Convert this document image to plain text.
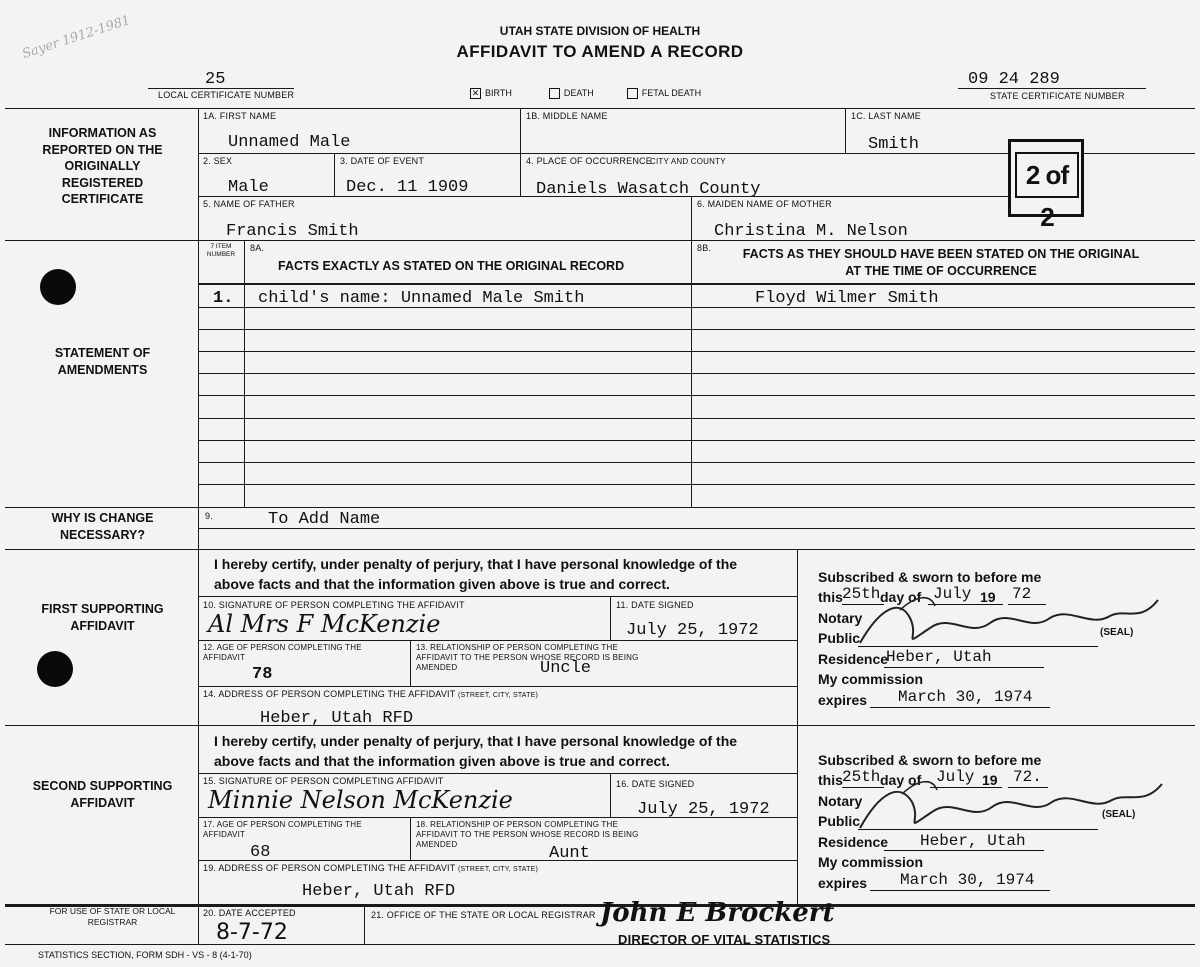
Sayer 1912-1981	UTAH STATE DIVISION OF HEALTH
AFFIDAVIT TO AMEND A RECORD
25
LOCAL CERTIFICATE NUMBER	✕ BIRTH	DEATH	FETAL DEATH
09 24 289
STATE CERTIFICATE NUMBER
INFORMATION AS REPORTED ON THE ORIGINALLY REGISTERED CERTIFICATE
1A. FIRST NAME
Unnamed Male
1B. MIDDLE NAME	1C. LAST NAME
Smith
2. SEX
Male
3. DATE OF EVENT
Dec. 11 1909
4. PLACE OF OCCURRENCE
CITY AND COUNTY
Daniels Wasatch County	2 of 2
5. NAME OF FATHER
Francis Smith
6. MAIDEN NAME OF MOTHER
Christina M. Nelson
STATEMENT OF AMENDMENTS
7 ITEM NUMBER
8A.
FACTS EXACTLY AS STATED ON THE ORIGINAL RECORD
8B.	FACTS AS THEY SHOULD HAVE BEEN STATED ON THE ORIGINAL AT THE TIME OF OCCURRENCE
1. child's name: Unnamed Male Smith	Floyd Wilmer Smith
WHY IS CHANGE NECESSARY?
9.	To Add Name
FIRST SUPPORTING AFFIDAVIT
I hereby certify, under penalty of perjury, that I have personal knowledge of the above facts and that the information given above is true and correct.
10. SIGNATURE OF PERSON COMPLETING THE AFFIDAVIT
Al Mrs F McKenzie
11. DATE SIGNED
July 25, 1972
12. AGE OF PERSON COMPLETING THE AFFIDAVIT
78
13. RELATIONSHIP OF PERSON COMPLETING THE AFFIDAVIT TO THE PERSON WHOSE RECORD IS BEING AMENDED	Uncle
14. ADDRESS OF PERSON COMPLETING THE AFFIDAVIT (STREET, CITY, STATE)
Heber, Utah RFD
Subscribed & sworn to before me
this 25th day of July 19 72
Notary
Public	(SEAL)
Residence
Heber, Utah
My commission
expires March 30, 1974
SECOND SUPPORTING AFFIDAVIT
I hereby certify, under penalty of perjury, that I have personal knowledge of the above facts and that the information given above is true and correct.
15. SIGNATURE OF PERSON COMPLETING AFFIDAVIT
Minnie Nelson McKenzie
16. DATE SIGNED
July 25, 1972
17. AGE OF PERSON COMPLETING THE AFFIDAVIT
68
18. RELATIONSHIP OF PERSON COMPLETING THE AFFIDAVIT TO THE PERSON WHOSE RECORD IS BEING AMENDED	Aunt
19. ADDRESS OF PERSON COMPLETING THE AFFIDAVIT (STREET, CITY, STATE)
Heber, Utah RFD
Subscribed & sworn to before me
this 25th day of July 19 72.
Notary
Public	(SEAL)
Residence Heber, Utah
My commission
expires March 30, 1974
FOR USE OF STATE OR LOCAL REGISTRAR
20. DATE ACCEPTED
8-7-72
21. OFFICE OF THE STATE OR LOCAL REGISTRAR John E Brockert
DIRECTOR OF VITAL STATISTICS
STATISTICS SECTION, FORM SDH - VS - 8 (4-1-70)
